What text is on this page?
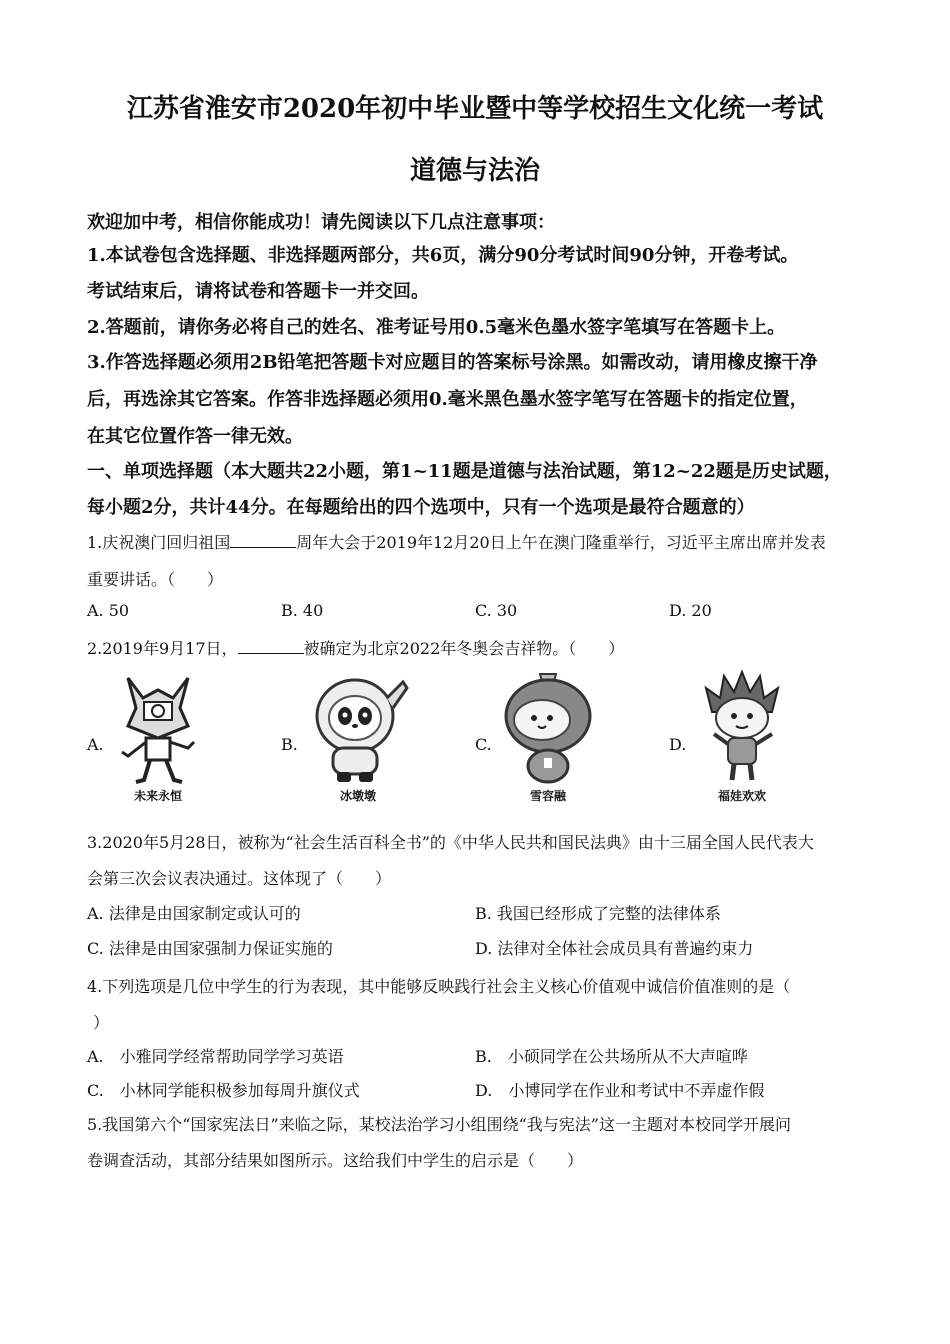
江苏省淮安市2020年初中毕业暨中等学校招生文化统一考试
道德与法治
欢迎加中考，相信你能成功！请先阅读以下几点注意事项：
1.本试卷包含选择题、非选择题两部分，共6页，满分90分考试时间90分钟，开卷考试。
考试结束后，请将试卷和答题卡一并交回。
2.答题前，请你务必将自己的姓名、准考证号用0.5毫米色墨水签字笔填写在答题卡上。
3.作答选择题必须用2B铅笔把答题卡对应题目的答案标号涂黑。如需改动，请用橡皮擦干净
后，再选涂其它答案。作答非选择题必须用0.毫米黑色墨水签字笔写在答题卡的指定位置，
在其它位置作答一律无效。
一、单项选择题（本大题共22小题，第1~11题是道德与法治试题，第12~22题是历史试题，
每小题2分，共计44分。在每题给出的四个选项中，只有一个选项是最符合题意的）
1.庆祝澳门回归祖国	周年大会于2019年12月20日上午在澳门隆重举行，习近平主席出席并发表
重要讲话。（　　）
A. 50	B. 40	C. 30	D. 20
2.2019年9月17日，	被确定为北京2022年冬奥会吉祥物。（　　）
A.	B.	C.	D.
未来永恒	冰墩墩	雪容融	福娃欢欢
3.2020年5月28日，被称为“社会生活百科全书”的《中华人民共和国民法典》由十三届全国人民代表大
会第三次会议表决通过。这体现了（　　）
A. 法律是由国家制定或认可的	B. 我国已经形成了完整的法律体系
C. 法律是由国家强制力保证实施的	D. 法律对全体社会成员具有普遍约束力
4.下列选项是几位中学生的行为表现，其中能够反映践行社会主义核心价值观中诚信价值准则的是（
）
A.　小雅同学经常帮助同学学习英语	B.　小硕同学在公共场所从不大声喧哗
C.　小林同学能积极参加每周升旗仪式	D.　小博同学在作业和考试中不弄虚作假
5.我国第六个“国家宪法日”来临之际，某校法治学习小组围绕“我与宪法”这一主题对本校同学开展问
卷调查活动，其部分结果如图所示。这给我们中学生的启示是（　　）
